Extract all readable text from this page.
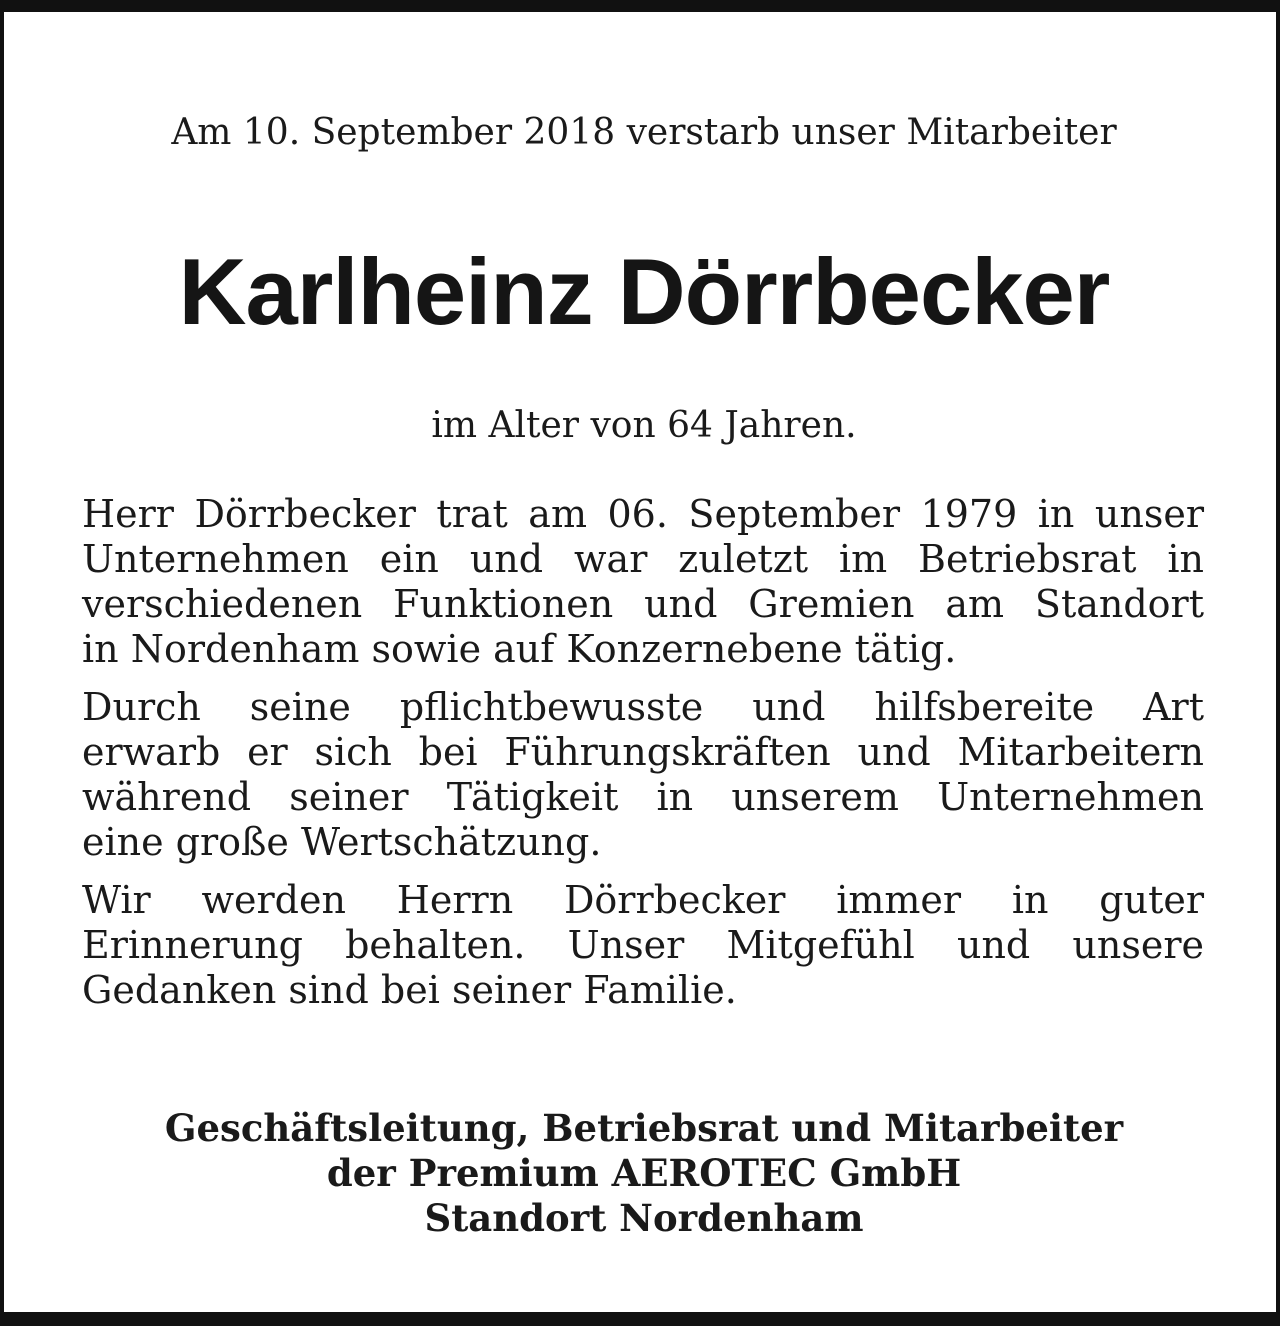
Am 10. September 2018 verstarb unser Mitarbeiter
Karlheinz Dörrbecker
im Alter von 64 Jahren.

Herr Dörrbecker trat am 06. September 1979 in unser
Unternehmen ein und war zuletzt im Betriebsrat in
verschiedenen Funktionen und Gremien am Standort
in Nordenham sowie auf Konzernebene tätig.

Durch seine pflichtbewusste und hilfsbereite Art
erwarb er sich bei Führungskräften und Mitarbeitern
während seiner Tätigkeit in unserem Unternehmen
eine große Wertschätzung.

Wir werden Herrn Dörrbecker immer in guter
Erinnerung behalten. Unser Mitgefühl und unsere
Gedanken sind bei seiner Familie.

Geschäftsleitung, Betriebsrat und Mitarbeiter
der Premium AEROTEC GmbH
Standort Nordenham
